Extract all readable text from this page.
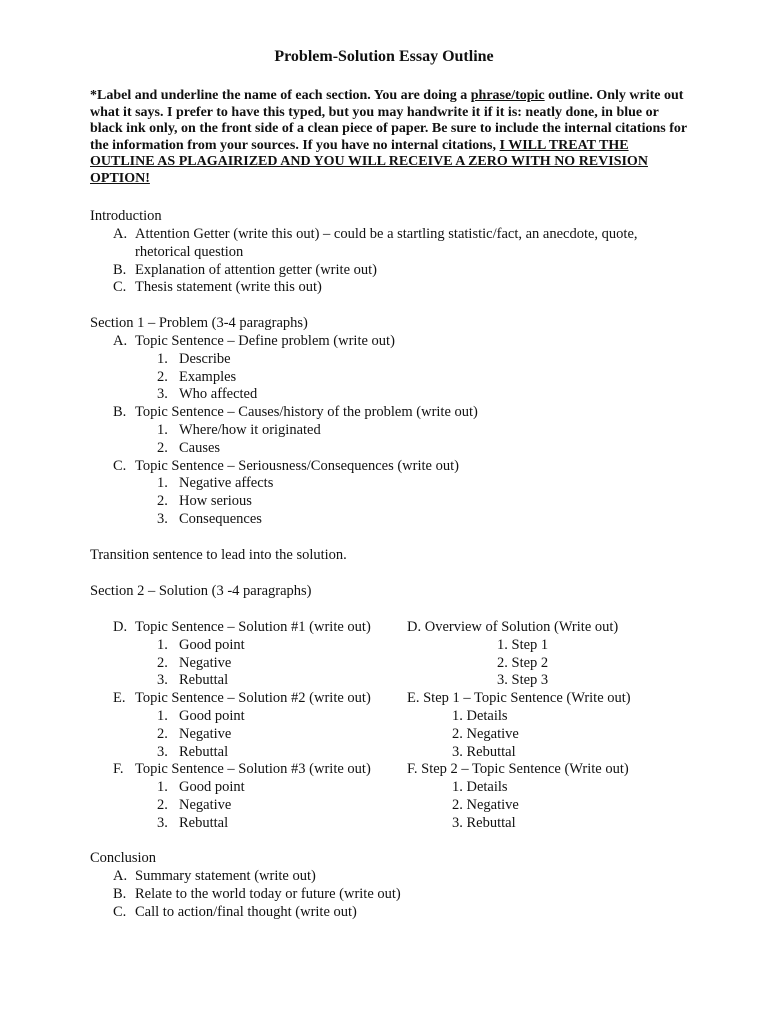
Problem-Solution Essay Outline
*Label and underline the name of each section. You are doing a phrase/topic outline. Only write out what it says. I prefer to have this typed, but you may handwrite it if it is: neatly done, in blue or black ink only, on the front side of a clean piece of paper. Be sure to include the internal citations for the information from your sources. If you have no internal citations, I WILL TREAT THE OUTLINE AS PLAGAIRIZED AND YOU WILL RECEIVE A ZERO WITH NO REVISION OPTION!
Introduction
A. Attention Getter (write this out) – could be a startling statistic/fact, an anecdote, quote,
rhetorical question
B. Explanation of attention getter (write out)
C. Thesis statement (write this out)
Section 1 – Problem (3-4 paragraphs)
A. Topic Sentence – Define problem (write out)
1. Describe
2. Examples
3. Who affected
B. Topic Sentence – Causes/history of the problem (write out)
1. Where/how it originated
2. Causes
C. Topic Sentence – Seriousness/Consequences (write out)
1. Negative affects
2. How serious
3. Consequences
Transition sentence to lead into the solution.
Section 2 – Solution (3 -4 paragraphs)
D. Topic Sentence – Solution #1 (write out)
1. Good point
2. Negative
3. Rebuttal
E. Topic Sentence – Solution #2 (write out)
1. Good point
2. Negative
3. Rebuttal
F. Topic Sentence – Solution #3 (write out)
1. Good point
2. Negative
3. Rebuttal
D. Overview of Solution (Write out)
1. Step 1
2. Step 2
3. Step 3
E. Step 1 – Topic Sentence (Write out)
1. Details
2. Negative
3. Rebuttal
F. Step 2 – Topic Sentence (Write out)
1. Details
2. Negative
3. Rebuttal
Conclusion
A. Summary statement (write out)
B. Relate to the world today or future (write out)
C. Call to action/final thought (write out)
